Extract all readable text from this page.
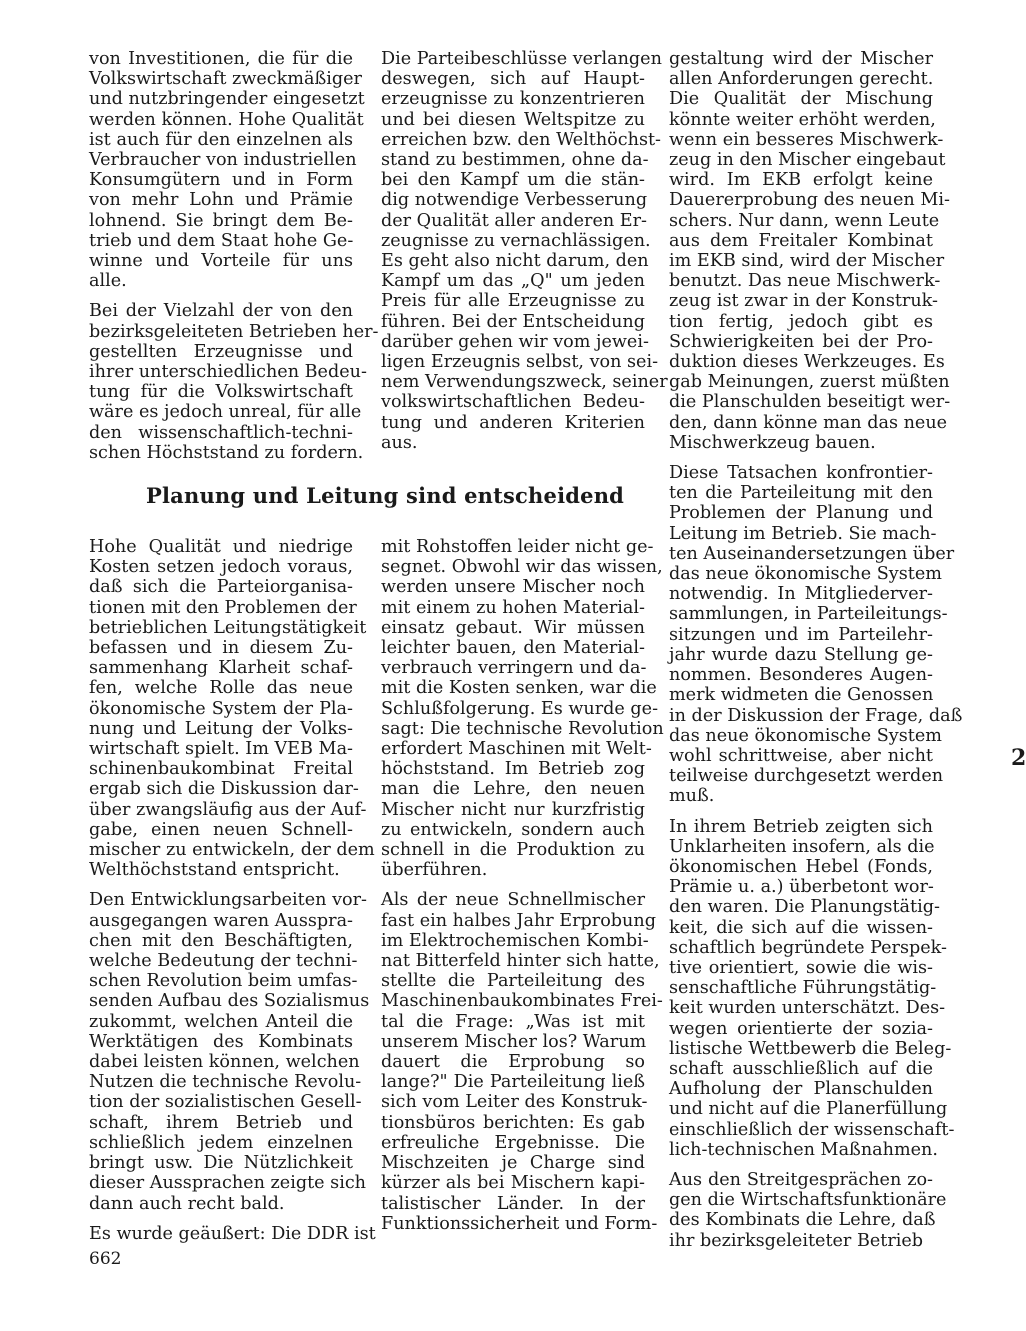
von Investitionen, die für die
Volkswirtschaft zweckmäßiger
und nutzbringender eingesetzt
werden können. Hohe Qualität
ist auch für den einzelnen als
Verbraucher von industriellen
Konsumgütern und in Form
von mehr Lohn und Prämie
lohnend. Sie bringt dem Be-
trieb und dem Staat hohe Ge-
winne und Vorteile für uns
alle.

Bei der Vielzahl der von den
bezirksgeleiteten Betrieben her-
gestellten Erzeugnisse und
ihrer unterschiedlichen Bedeu-
tung für die Volkswirtschaft
wäre es jedoch unreal, für alle
den wissenschaftlich-techni-
schen Höchststand zu fordern.

Die Parteibeschlüsse verlangen
deswegen, sich auf Haupt-
erzeugnisse zu konzentrieren
und bei diesen Weltspitze zu
erreichen bzw. den Welthöchst-
stand zu bestimmen, ohne da-
bei den Kampf um die stän-
dig notwendige Verbesserung
der Qualität aller anderen Er-
zeugnisse zu vernachlässigen.
Es geht also nicht darum, den
Kampf um das „Q" um jeden
Preis für alle Erzeugnisse zu
führen. Bei der Entscheidung
darüber gehen wir vom jewei-
ligen Erzeugnis selbst, von sei-
nem Verwendungszweck, seiner
volkswirtschaftlichen Bedeu-
tung und anderen Kriterien
aus.

Planung und Leitung sind entscheidend

Hohe Qualität und niedrige
Kosten setzen jedoch voraus,
daß sich die Parteiorganisa-
tionen mit den Problemen der
betrieblichen Leitungstätigkeit
befassen und in diesem Zu-
sammenhang Klarheit schaf-
fen, welche Rolle das neue
ökonomische System der Pla-
nung und Leitung der Volks-
wirtschaft spielt. Im VEB Ma-
schinenbaukombinat Freital
ergab sich die Diskussion dar-
über zwangsläufig aus der Auf-
gabe, einen neuen Schnell-
mischer zu entwickeln, der dem
Welthöchststand entspricht.

Den Entwicklungsarbeiten vor-
ausgegangen waren Ausspra-
chen mit den Beschäftigten,
welche Bedeutung der techni-
schen Revolution beim umfas-
senden Aufbau des Sozialismus
zukommt, welchen Anteil die
Werktätigen des Kombinats
dabei leisten können, welchen
Nutzen die technische Revolu-
tion der sozialistischen Gesell-
schaft, ihrem Betrieb und
schließlich jedem einzelnen
bringt usw. Die Nützlichkeit
dieser Aussprachen zeigte sich
dann auch recht bald.

Es wurde geäußert: Die DDR ist

mit Rohstoffen leider nicht ge-
segnet. Obwohl wir das wissen,
werden unsere Mischer noch
mit einem zu hohen Material-
einsatz gebaut. Wir müssen
leichter bauen, den Material-
verbrauch verringern und da-
mit die Kosten senken, war die
Schlußfolgerung. Es wurde ge-
sagt: Die technische Revolution
erfordert Maschinen mit Welt-
höchststand. Im Betrieb zog
man die Lehre, den neuen
Mischer nicht nur kurzfristig
zu entwickeln, sondern auch
schnell in die Produktion zu
überführen.

Als der neue Schnellmischer
fast ein halbes Jahr Erprobung
im Elektrochemischen Kombi-
nat Bitterfeld hinter sich hatte,
stellte die Parteileitung des
Maschinenbaukombinates Frei-
tal die Frage: „Was ist mit
unserem Mischer los? Warum
dauert die Erprobung so
lange?" Die Parteileitung ließ
sich vom Leiter des Konstruk-
tionsbüros berichten: Es gab
erfreuliche Ergebnisse. Die
Mischzeiten je Charge sind
kürzer als bei Mischern kapi-
talistischer Länder. In der
Funktionssicherheit und Form-

gestaltung wird der Mischer
allen Anforderungen gerecht.
Die Qualität der Mischung
könnte weiter erhöht werden,
wenn ein besseres Mischwerk-
zeug in den Mischer eingebaut
wird. Im EKB erfolgt keine
Dauererprobung des neuen Mi-
schers. Nur dann, wenn Leute
aus dem Freitaler Kombinat
im EKB sind, wird der Mischer
benutzt. Das neue Mischwerk-
zeug ist zwar in der Konstruk-
tion fertig, jedoch gibt es
Schwierigkeiten bei der Pro-
duktion dieses Werkzeuges. Es
gab Meinungen, zuerst müßten
die Planschulden beseitigt wer-
den, dann könne man das neue
Mischwerkzeug bauen.

Diese Tatsachen konfrontier-
ten die Parteileitung mit den
Problemen der Planung und
Leitung im Betrieb. Sie mach-
ten Auseinandersetzungen über
das neue ökonomische System
notwendig. In Mitgliederver-
sammlungen, in Parteileitungs-
sitzungen und im Parteilehr-
jahr wurde dazu Stellung ge-
nommen. Besonderes Augen-
merk widmeten die Genossen
in der Diskussion der Frage, daß
das neue ökonomische System
wohl schrittweise, aber nicht
teilweise durchgesetzt werden
muß.

In ihrem Betrieb zeigten sich
Unklarheiten insofern, als die
ökonomischen Hebel (Fonds,
Prämie u. a.) überbetont wor-
den waren. Die Planungstätig-
keit, die sich auf die wissen-
schaftlich begründete Perspek-
tive orientiert, sowie die wis-
senschaftliche Führungstätig-
keit wurden unterschätzt. Des-
wegen orientierte der sozia-
listische Wettbewerb die Beleg-
schaft ausschließlich auf die
Aufholung der Planschulden
und nicht auf die Planerfüllung
einschließlich der wissenschaft-
lich-technischen Maßnahmen.

Aus den Streitgesprächen zo-
gen die Wirtschaftsfunktionäre
des Kombinats die Lehre, daß
ihr bezirksgeleiteter Betrieb

662
2
